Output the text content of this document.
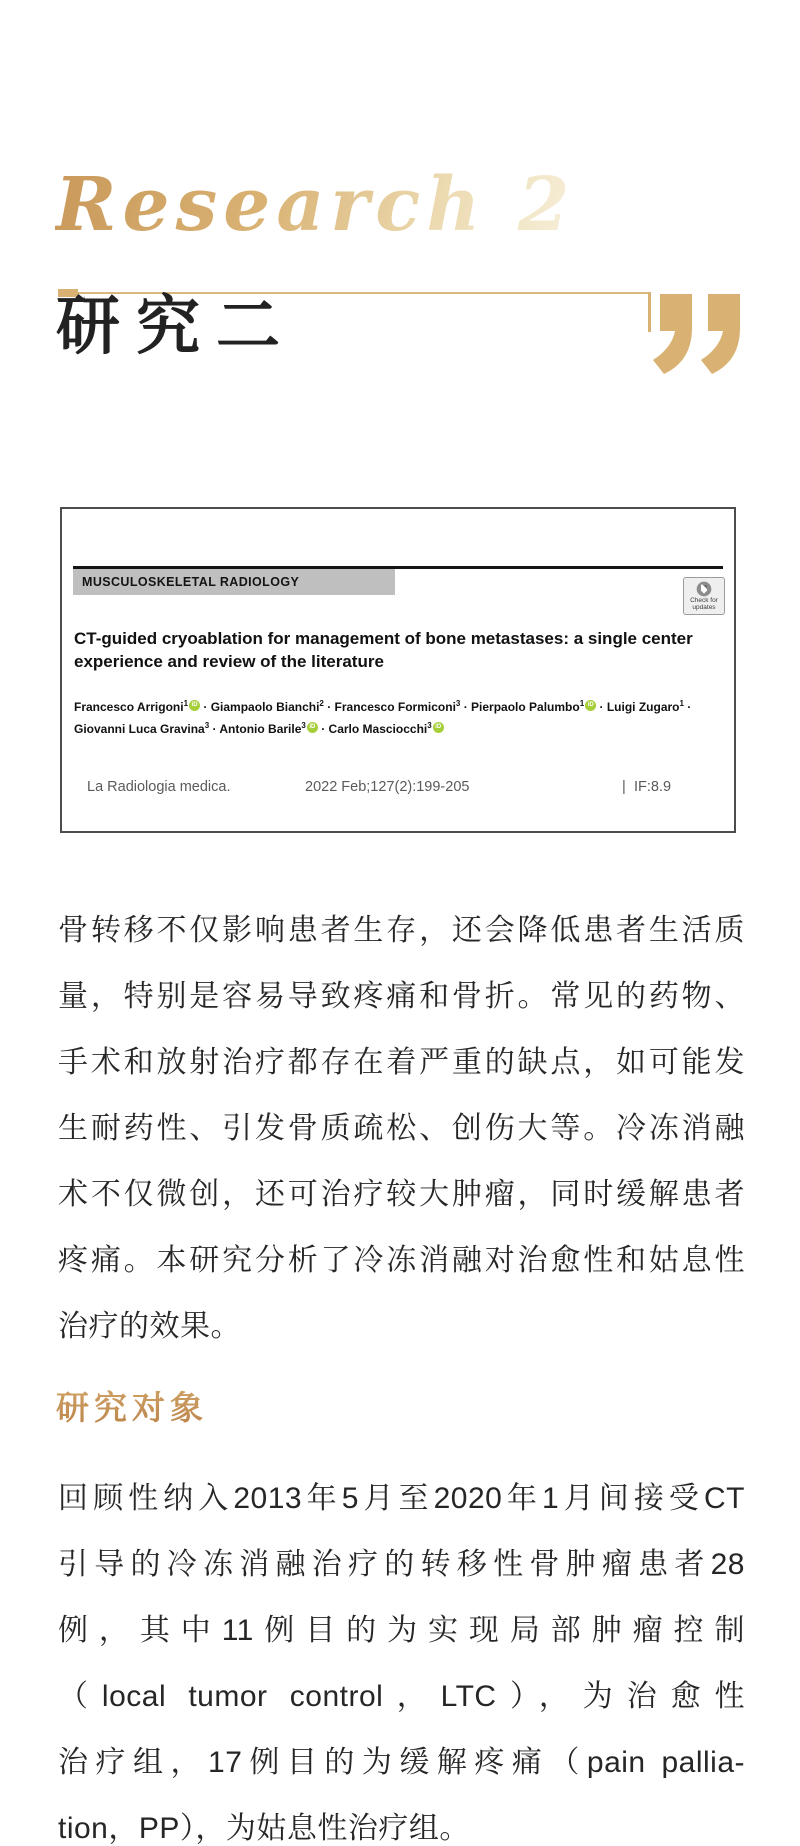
Research 2
研究二
MUSCULOSKELETAL RADIOLOGY
Check for
updates
CT-guided cryoablation for management of bone metastases: a single center experience and review of the literature
Francesco Arrigoni$^1$ iD · Giampaolo Bianchi$^2$ · Francesco Formiconi$^3$ · Pierpaolo Palumbo$^1$ iD · Luigi Zugaro$^1$ ·
Giovanni Luca Gravina$^3$ · Antonio Barile$^3$ iD · Carlo Masciocchi$^3$ iD
La Radiologia medica.	2022 Feb;127(2):199-205	| IF:8.9
骨转移不仅影响患者生存，还会降低患者生活质
量，特别是容易导致疼痛和骨折。常见的药物、
手术和放射治疗都存在着严重的缺点，如可能发
生耐药性、引发骨质疏松、创伤大等。冷冻消融
术不仅微创，还可治疗较大肿瘤，同时缓解患者
疼痛。本研究分析了冷冻消融对治愈性和姑息性
治疗的效果。
研究对象
回顾性纳入2013年5月至2020年1月间接受CT
引导的冷冻消融治疗的转移性骨肿瘤患者28
例，其中11例目的为实现局部肿瘤控制
（local tumor control，LTC），为治愈性
治疗组，17例目的为缓解疼痛（pain pallia-
tion，PP），为姑息性治疗组。
